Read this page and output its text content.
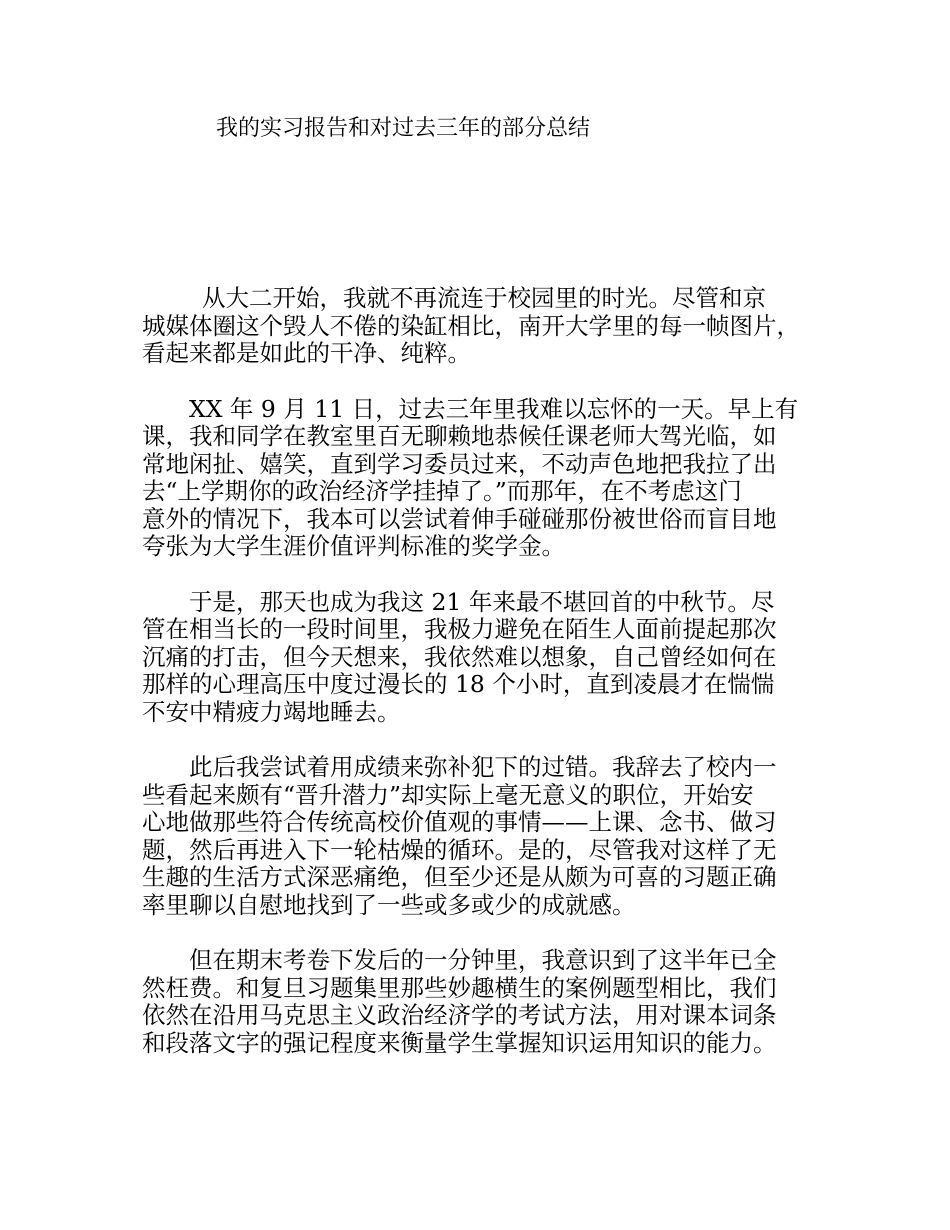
我的实习报告和对过去三年的部分总结

从大二开始，我就不再流连于校园里的时光。尽管和京
城媒体圈这个毁人不倦的染缸相比，南开大学里的每一帧图片，
看起来都是如此的干净、纯粹。

XX 年 9 月 11 日，过去三年里我难以忘怀的一天。早上有
课，我和同学在教室里百无聊赖地恭候任课老师大驾光临，如
常地闲扯、嬉笑，直到学习委员过来，不动声色地把我拉了出
去“上学期你的政治经济学挂掉了。”而那年，在不考虑这门
意外的情况下，我本可以尝试着伸手碰碰那份被世俗而盲目地
夸张为大学生涯价值评判标准的奖学金。

于是，那天也成为我这 21 年来最不堪回首的中秋节。尽
管在相当长的一段时间里，我极力避免在陌生人面前提起那次
沉痛的打击，但今天想来，我依然难以想象，自己曾经如何在
那样的心理高压中度过漫长的 18 个小时，直到凌晨才在惴惴
不安中精疲力竭地睡去。

此后我尝试着用成绩来弥补犯下的过错。我辞去了校内一
些看起来颇有“晋升潜力”却实际上毫无意义的职位，开始安
心地做那些符合传统高校价值观的事情——上课、念书、做习
题，然后再进入下一轮枯燥的循环。是的，尽管我对这样了无
生趣的生活方式深恶痛绝，但至少还是从颇为可喜的习题正确
率里聊以自慰地找到了一些或多或少的成就感。

但在期末考卷下发后的一分钟里，我意识到了这半年已全
然枉费。和复旦习题集里那些妙趣横生的案例题型相比，我们
依然在沿用马克思主义政治经济学的考试方法，用对课本词条
和段落文字的强记程度来衡量学生掌握知识运用知识的能力。
